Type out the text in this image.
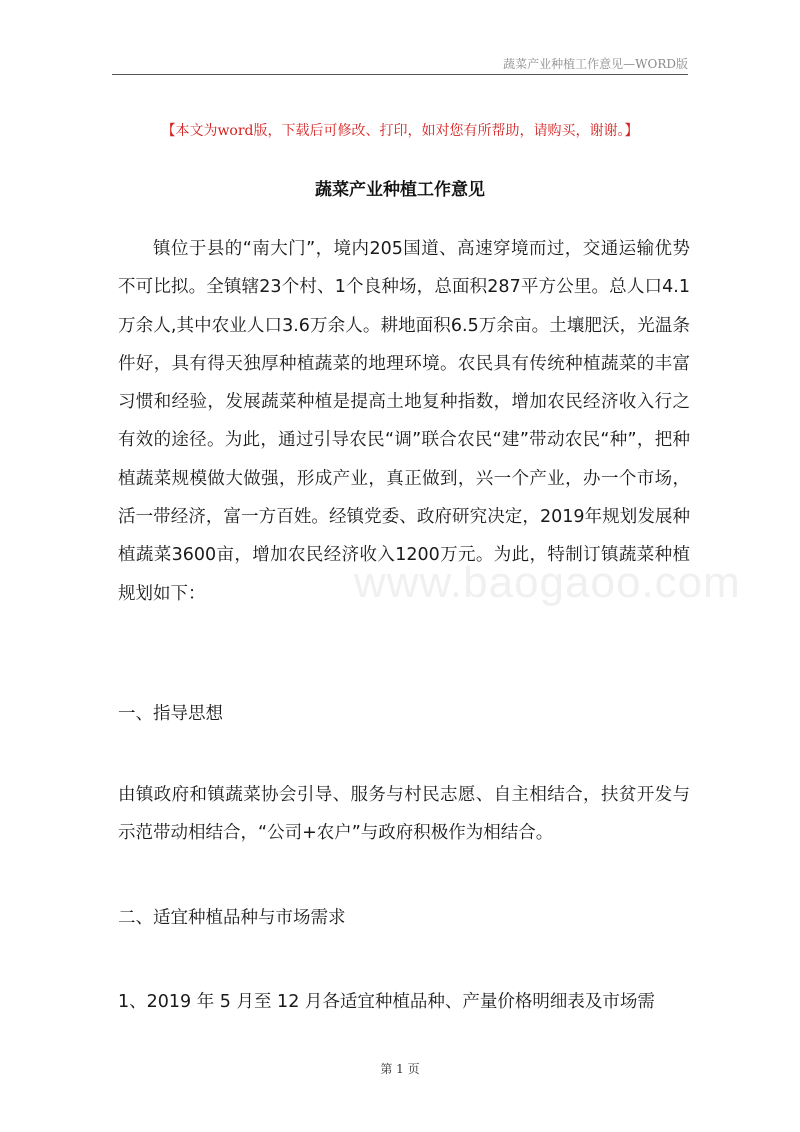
蔬菜产业种植工作意见—WORD版
【本文为word版，下载后可修改、打印，如对您有所帮助，请购买，谢谢。】
蔬菜产业种植工作意见

镇位于县的“南大门”，境内205国道、高速穿境而过，交通运输优势不可比拟。全镇辖23个村、1个良种场，总面积287平方公里。总人口4.1万余人,其中农业人口3.6万余人。耕地面积6.5万余亩。土壤肥沃，光温条件好，具有得天独厚种植蔬菜的地理环境。农民具有传统种植蔬菜的丰富习惯和经验，发展蔬菜种植是提高土地复种指数，增加农民经济收入行之有效的途径。为此，通过引导农民“调”联合农民“建”带动农民“种”，把种植蔬菜规模做大做强，形成产业，真正做到，兴一个产业，办一个市场，活一带经济，富一方百姓。经镇党委、政府研究决定，2019年规划发展种植蔬菜3600亩，增加农民经济收入1200万元。为此，特制订镇蔬菜种植规划如下：	www.baogaoo.com

一、指导思想

由镇政府和镇蔬菜协会引导、服务与村民志愿、自主相结合，扶贫开发与示范带动相结合，“公司+农户”与政府积极作为相结合。

二、适宜种植品种与市场需求

1、2019 年 5 月至 12 月各适宜种植品种、产量价格明细表及市场需

第 1 页
